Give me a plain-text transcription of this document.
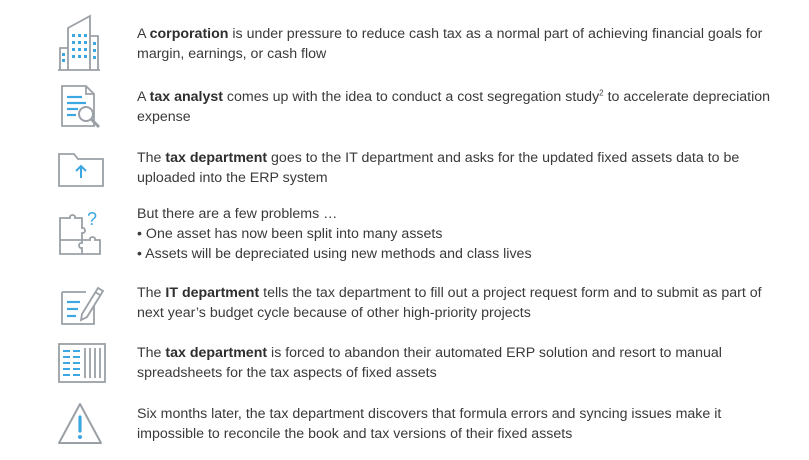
A corporation is under pressure to reduce cash tax as a normal part of achieving financial goals for margin, earnings, or cash flow
A tax analyst comes up with the idea to conduct a cost segregation study$^2$ to accelerate depreciation expense
The tax department goes to the IT department and asks for the updated fixed assets data to be uploaded into the ERP system
?	But there are a few problems …
• One asset has now been split into many assets
• Assets will be depreciated using new methods and class lives
The IT department tells the tax department to fill out a project request form and to submit as part of next year’s budget cycle because of other high-priority projects
The tax department is forced to abandon their automated ERP solution and resort to manual spreadsheets for the tax aspects of fixed assets
Six months later, the tax department discovers that formula errors and syncing issues make it impossible to reconcile the book and tax versions of their fixed assets
